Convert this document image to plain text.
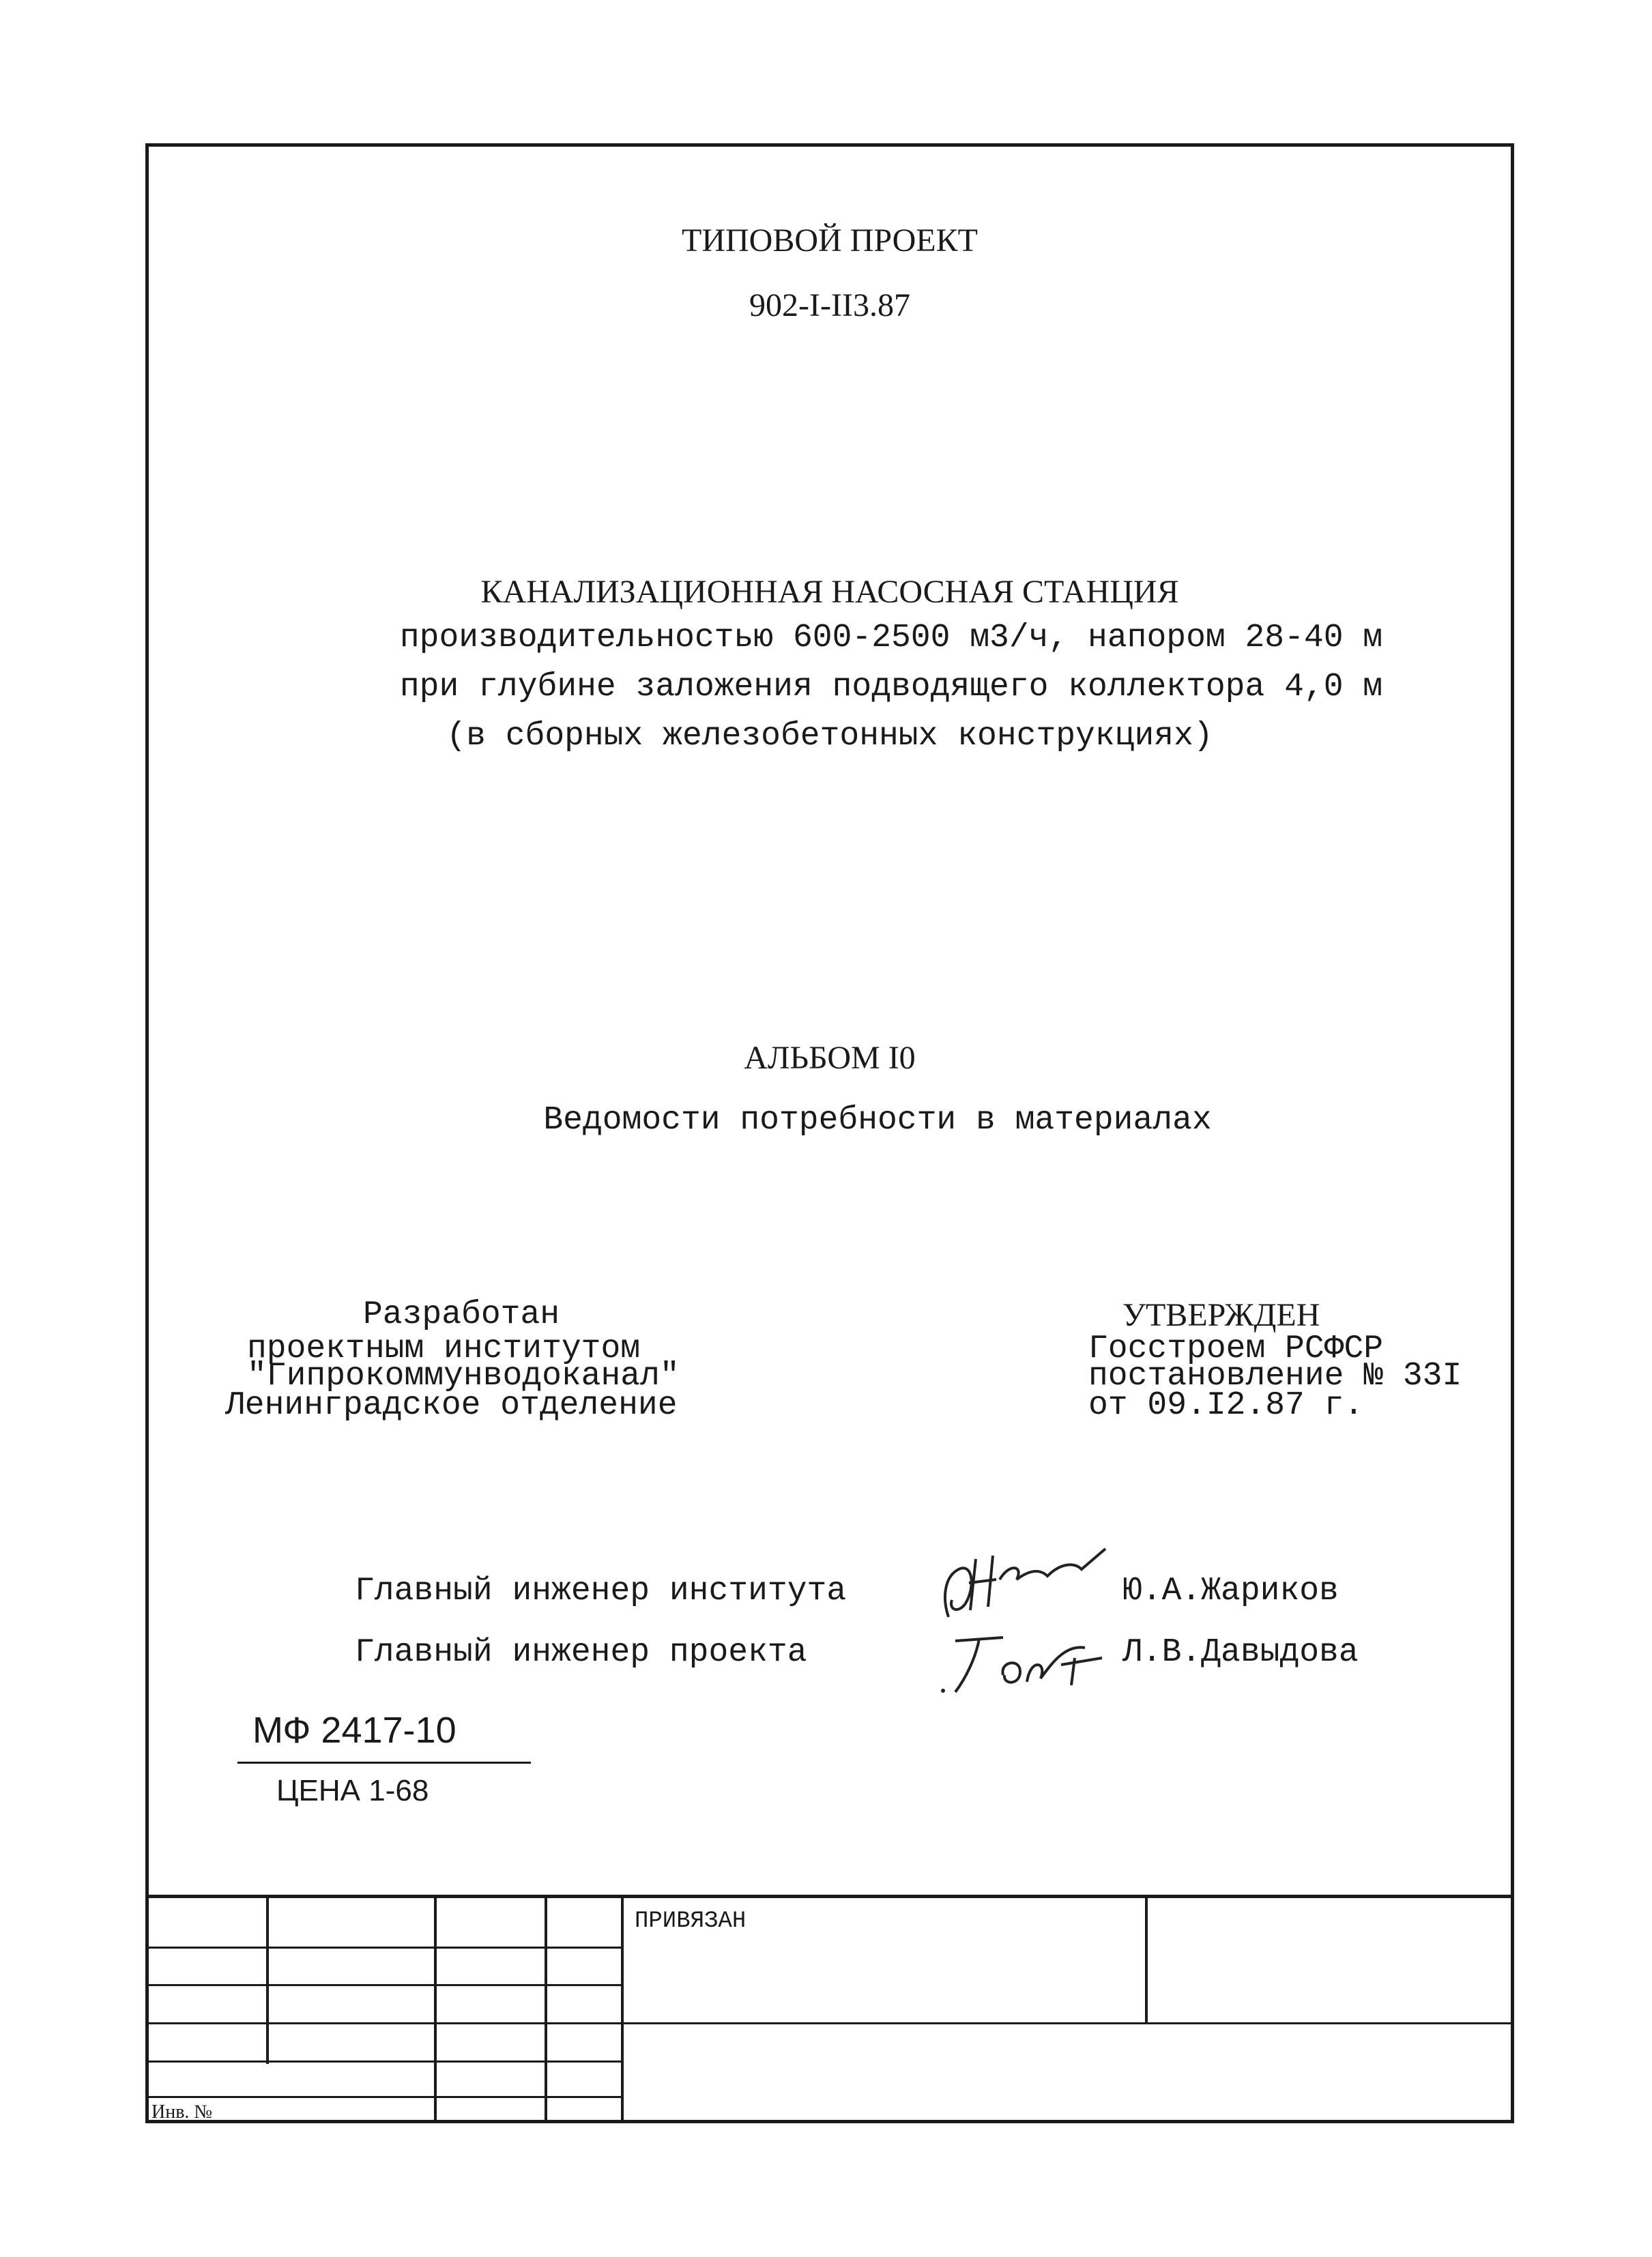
ТИПОВОЙ ПРОЕКТ
902-I-II3.87
КАНАЛИЗАЦИОННАЯ НАСОСНАЯ СТАНЦИЯ
производительностью 600-2500 м3/ч, напором 28-40 м
при глубине заложения подводящего коллектора 4,0 м
(в сборных железобетонных конструкциях)
АЛЬБОМ I0
Ведомости потребности в материалах
Разработан
проектным институтом
"Гипрокоммунводоканал"
Ленинградское отделение
УТВЕРЖДЕН
Госстроем РСФСР
постановление № 33I
от 09.I2.87 г.
Главный инженер института	Ю.А.Жариков
Главный инженер проекта	Л.В.Давыдова
МФ 2417-10
ЦЕНА 1-68
ПРИВЯЗАН
Инв. №
